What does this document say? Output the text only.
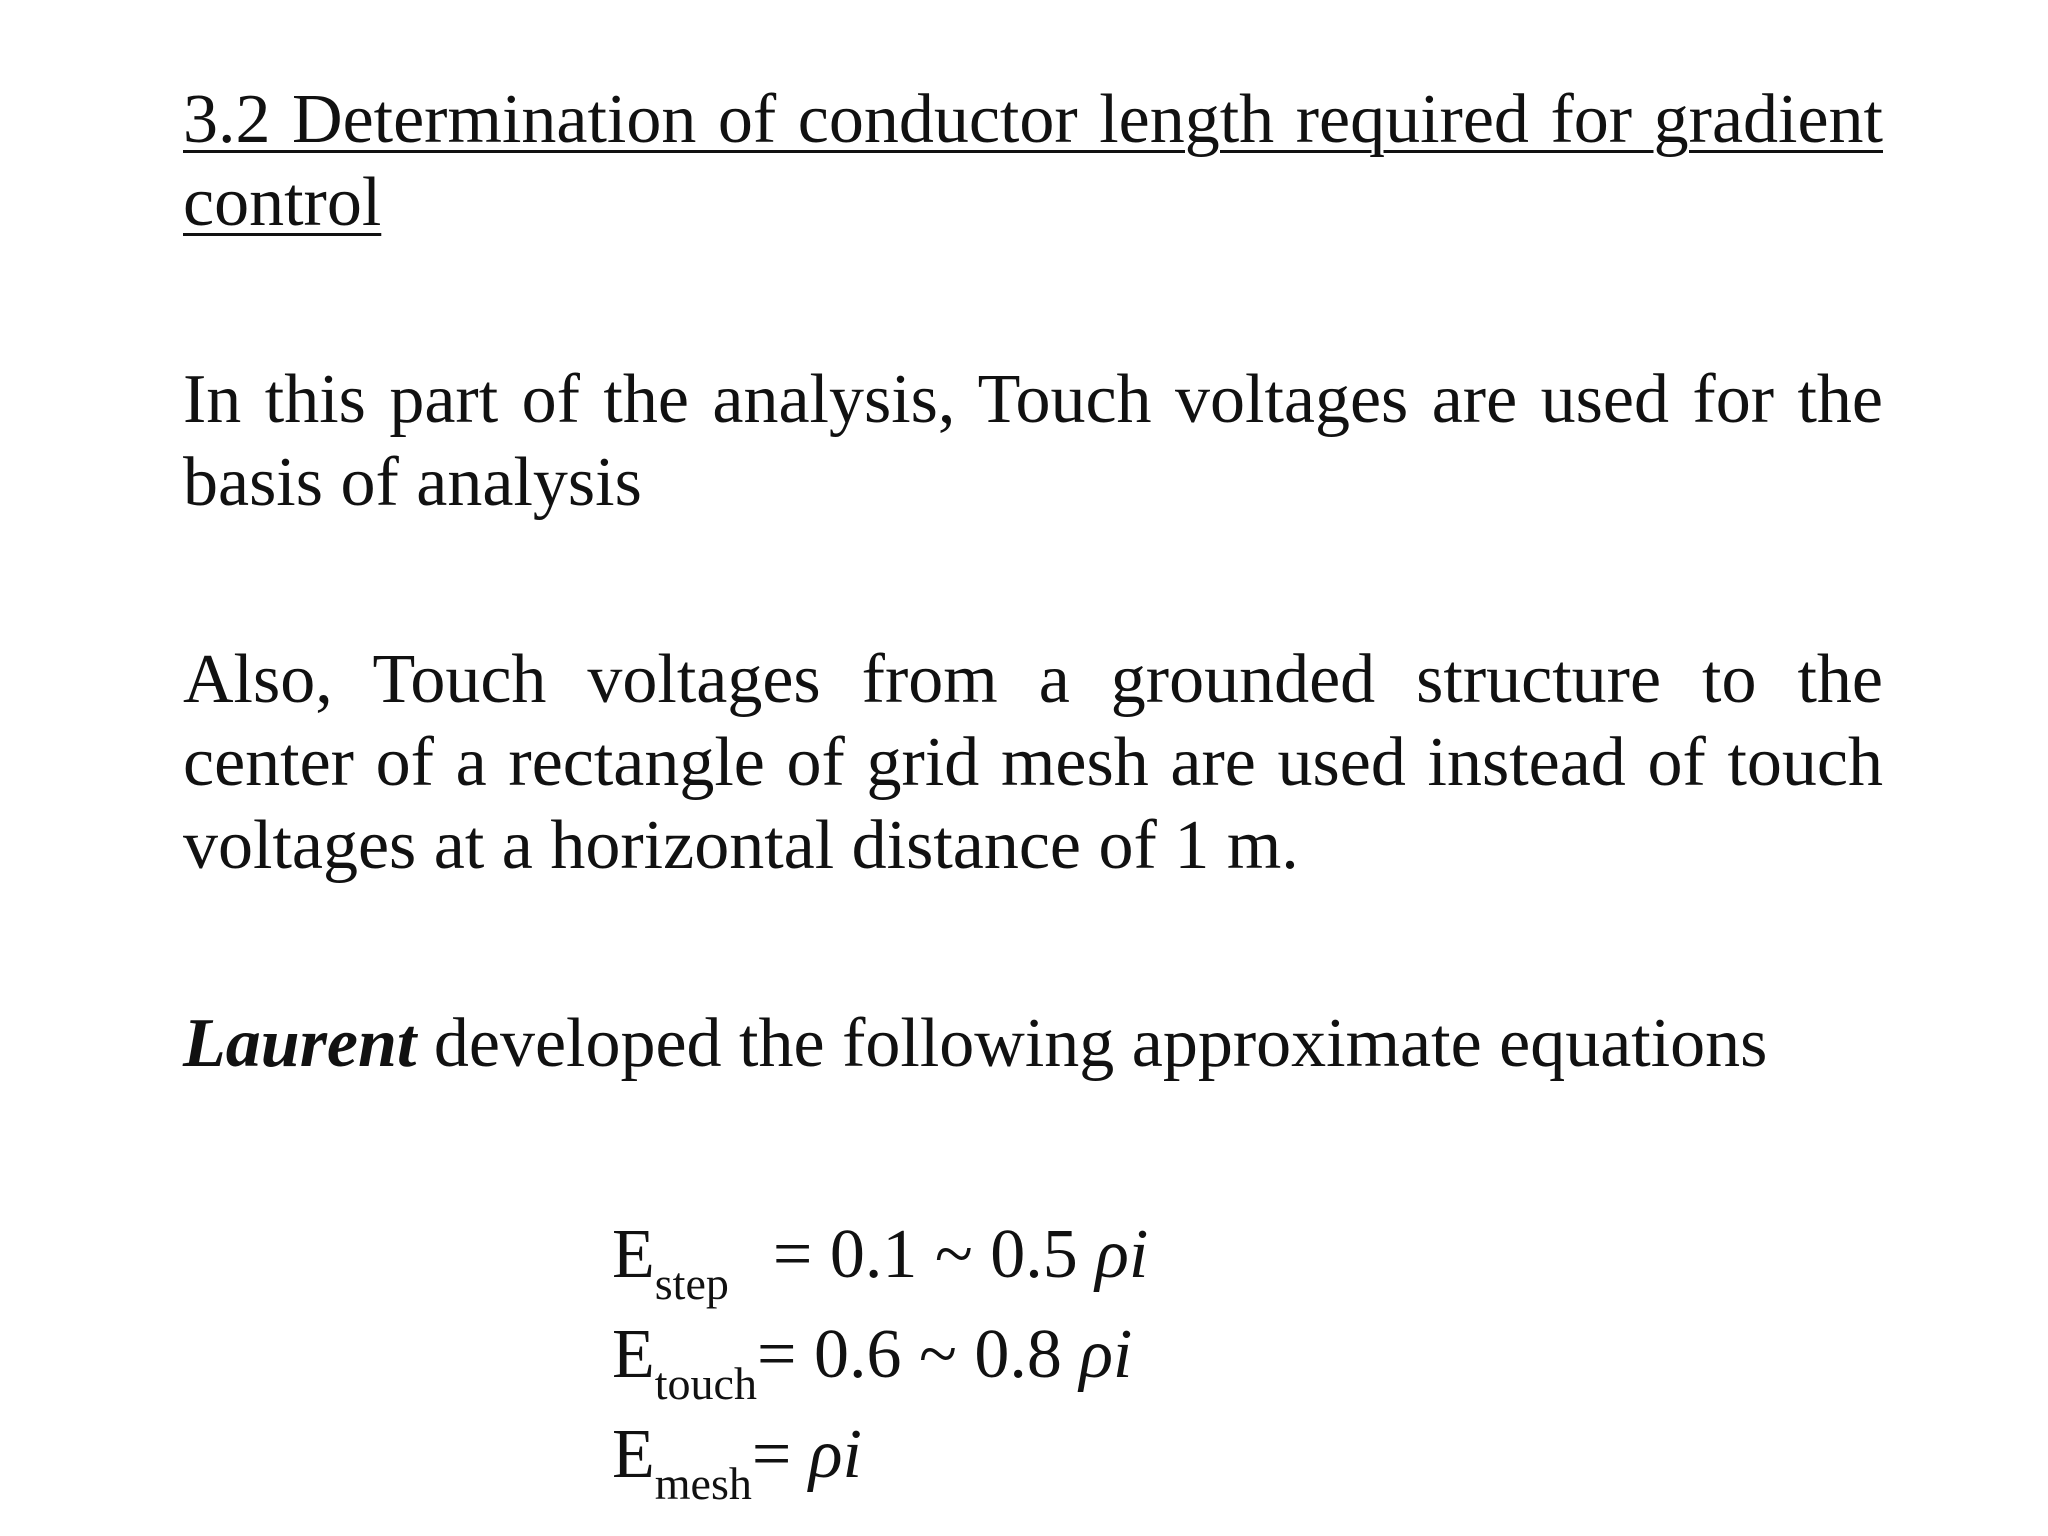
3.2 Determination of conductor length required for gradient control
In this part of the analysis, Touch voltages are used for the basis of analysis
Also, Touch voltages from a grounded structure to the center of a rectangle of grid mesh are used instead of touch voltages at a horizontal distance of 1 m.
Laurent developed the following approximate equations
Estep = 0.1 ~ 0.5 ρi
Etouch= 0.6 ~ 0.8 ρi
Emesh= ρi
